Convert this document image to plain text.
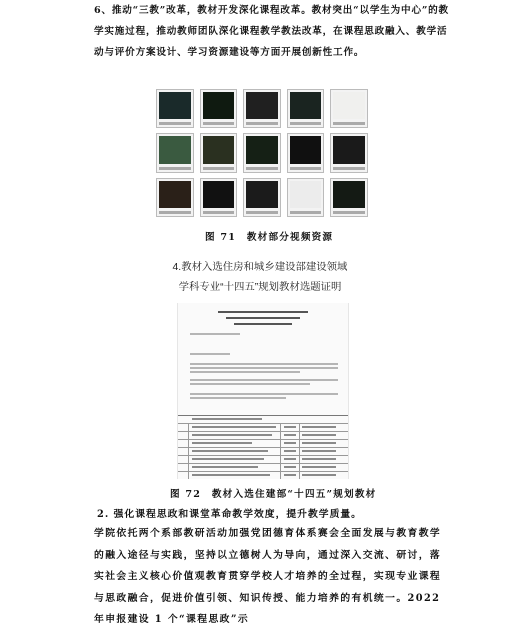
6、推动“三教”改革，教材开发深化课程改革。教材突出“以学生为中心”的教学实施过程，推动教师团队深化课程教学教法改革，在课程思政融入、教学活动与评价方案设计、学习资源建设等方面开展创新性工作。
图 71　教材部分视频资源
4.教材入选住房和城乡建设部建设领域
学科专业“十四五”规划教材选题证明
图 72　教材入选住建部“十四五”规划教材
2. 强化课程思政和课堂革命教学效度，提升教学质量。
学院依托两个系部教研活动加强党团德育体系赛会全面发展与教育教学的融入途径与实践，坚持以立德树人为导向，通过深入交流、研讨，落实社会主义核心价值观教育贯穿学校人才培养的全过程，实现专业课程与思政融合，促进价值引领、知识传授、能力培养的有机统一。2022 年申报建设 1 个“课程思政”示
